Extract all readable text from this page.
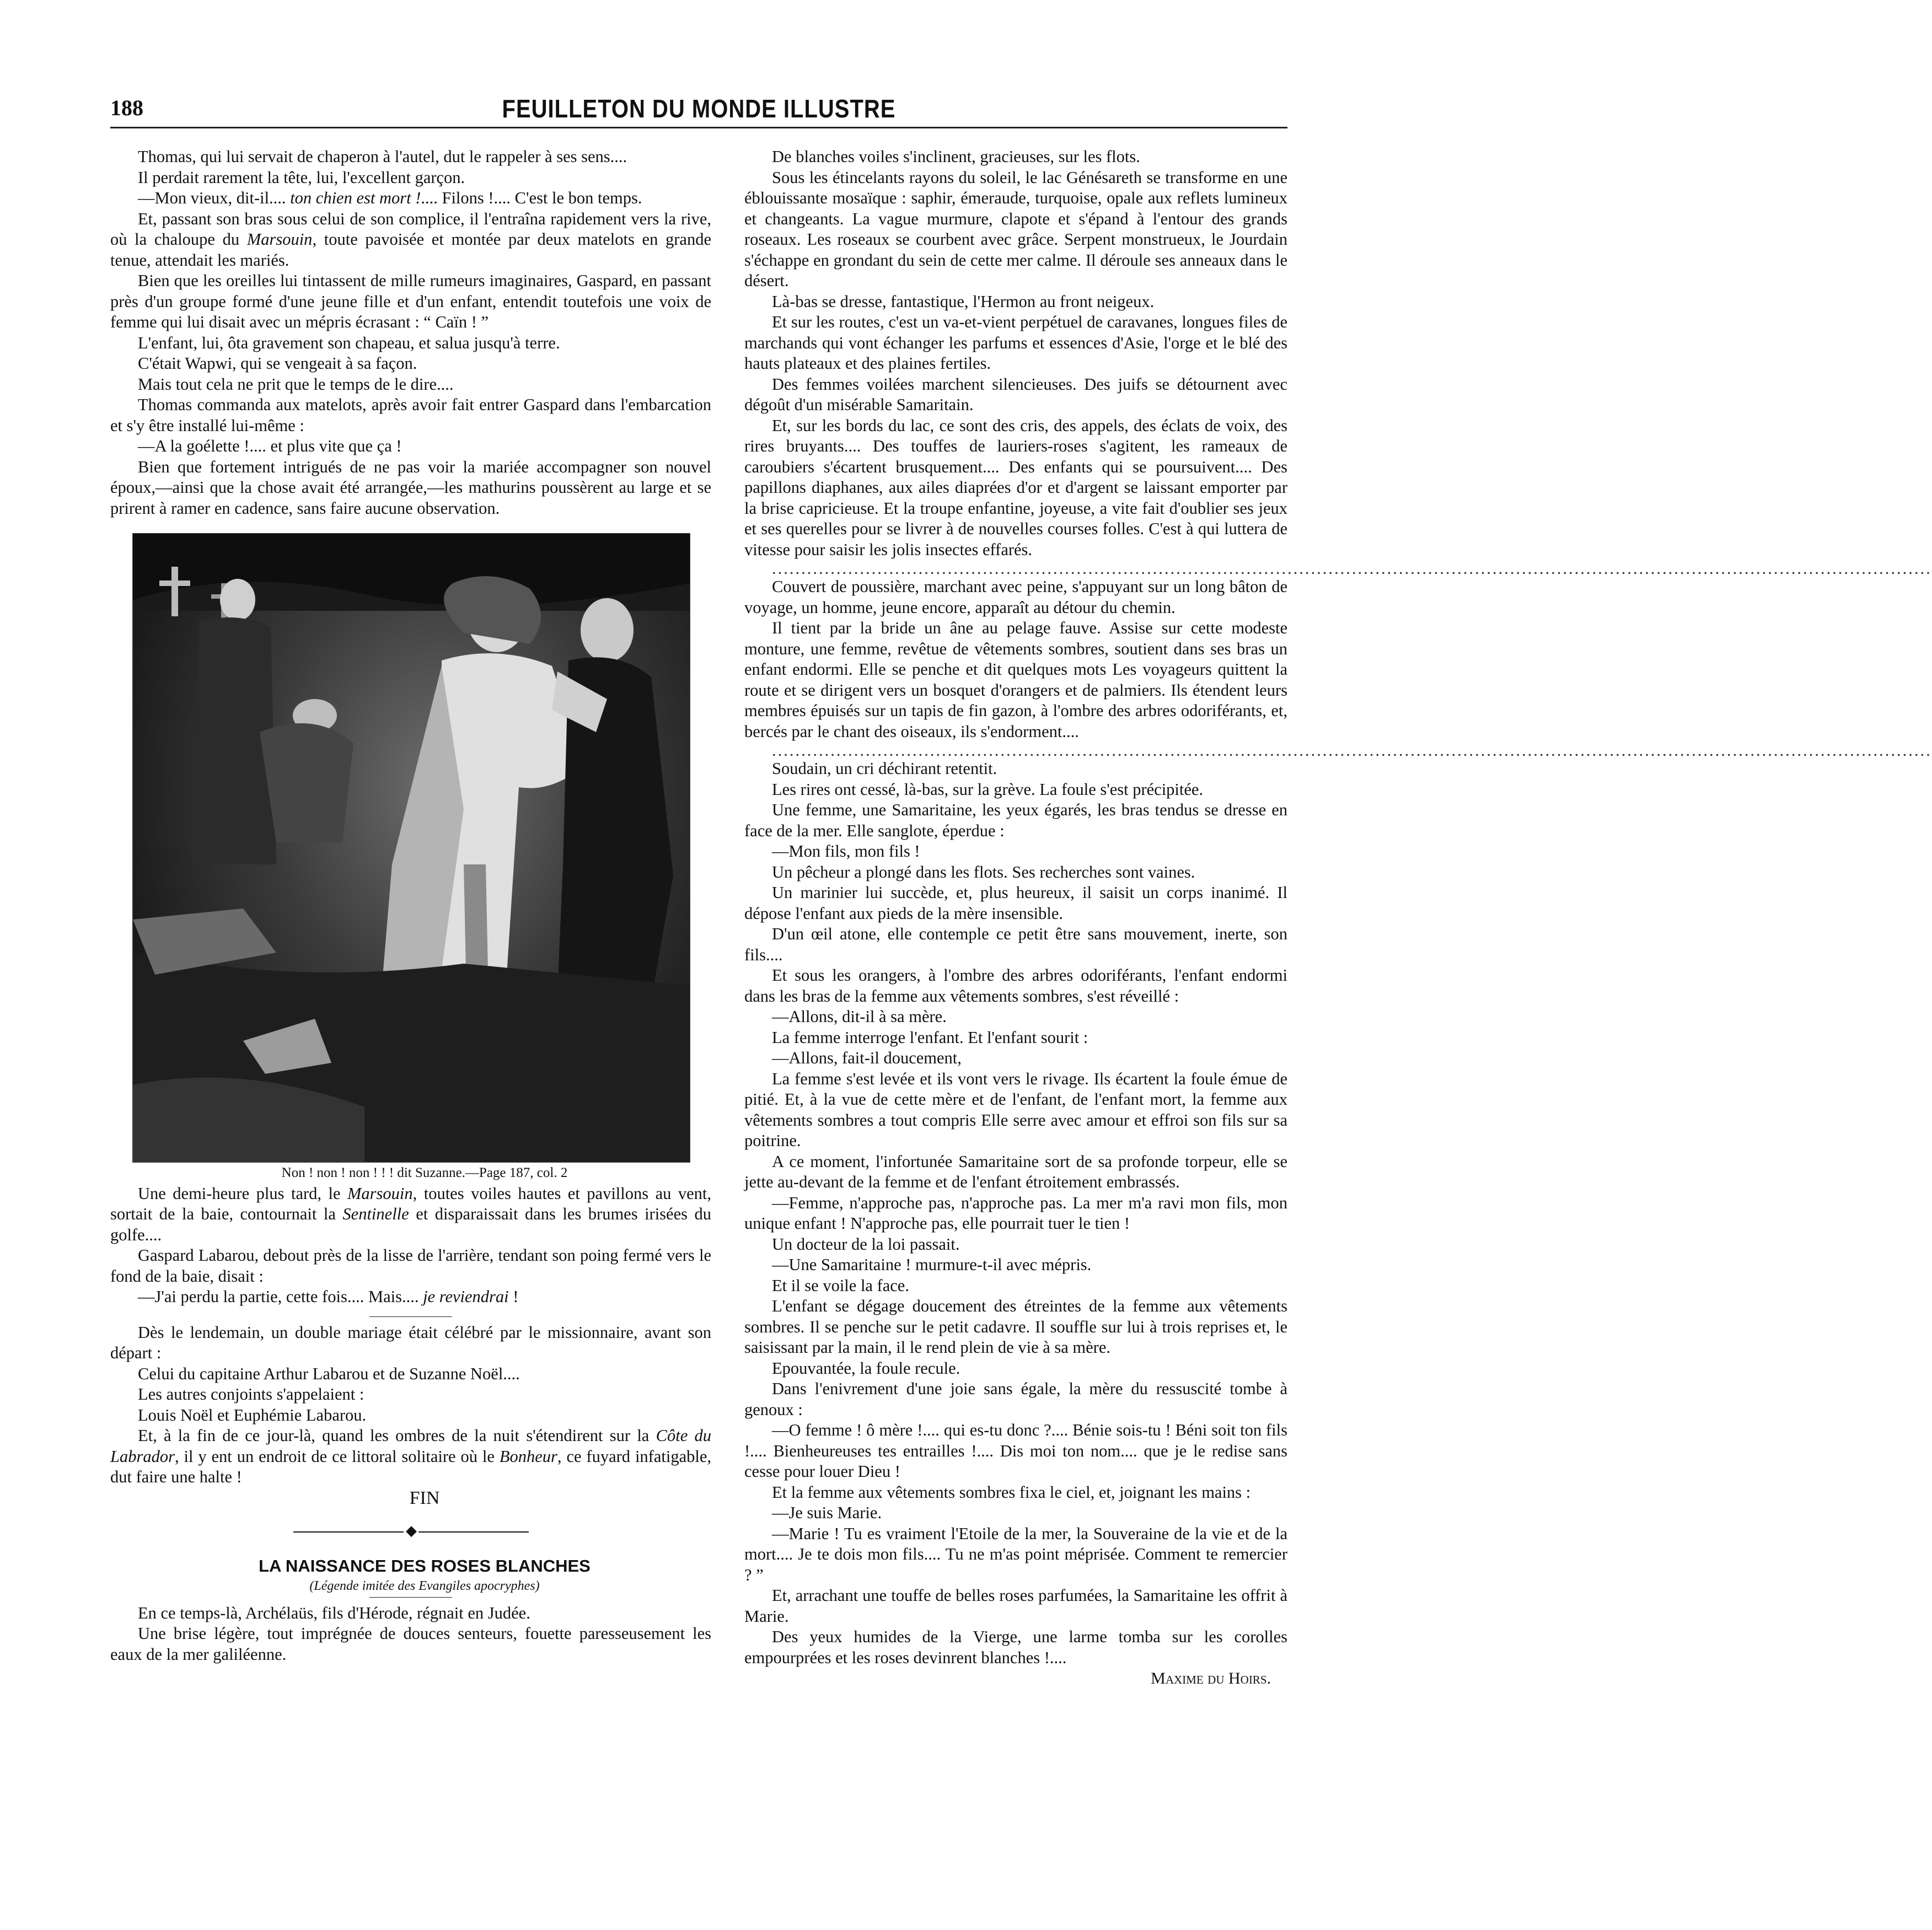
188	FEUILLETON DU MONDE ILLUSTRE

Thomas, qui lui servait de chaperon à l'autel, dut le rappeler à ses sens....

Il perdait rarement la tête, lui, l'excellent garçon.

—Mon vieux, dit-il.... ton chien est mort !.... Filons !.... C'est le bon temps.

Et, passant son bras sous celui de son complice, il l'entraîna rapidement vers la rive, où la chaloupe du Marsouin, toute pavoisée et montée par deux matelots en grande tenue, attendait les mariés.

Bien que les oreilles lui tintassent de mille rumeurs imaginaires, Gaspard, en passant près d'un groupe formé d'une jeune fille et d'un enfant, entendit toutefois une voix de femme qui lui disait avec un mépris écrasant : “ Caïn ! ”

L'enfant, lui, ôta gravement son chapeau, et salua jusqu'à terre.

C'était Wapwi, qui se vengeait à sa façon.

Mais tout cela ne prit que le temps de le dire....

Thomas commanda aux matelots, après avoir fait entrer Gaspard dans l'embarcation et s'y être installé lui-même :

—A la goélette !.... et plus vite que ça !

Bien que fortement intrigués de ne pas voir la mariée accompagner son nouvel époux,—ainsi que la chose avait été arrangée,—les mathurins poussèrent au large et se prirent à ramer en cadence, sans faire aucune observation.

Non ! non ! non ! ! ! dit Suzanne.—Page 187, col. 2

Une demi-heure plus tard, le Marsouin, toutes voiles hautes et pavillons au vent, sortait de la baie, contournait la Sentinelle et disparaissait dans les brumes irisées du golfe....

Gaspard Labarou, debout près de la lisse de l'arrière, tendant son poing fermé vers le fond de la baie, disait :

—J'ai perdu la partie, cette fois.... Mais.... je reviendrai !

Dès le lendemain, un double mariage était célébré par le missionnaire, avant son départ :

Celui du capitaine Arthur Labarou et de Suzanne Noël....

Les autres conjoints s'appelaient :

Louis Noël et Euphémie Labarou.

Et, à la fin de ce jour-là, quand les ombres de la nuit s'étendirent sur la Côte du Labrador, il y ent un endroit de ce littoral solitaire où le Bonheur, ce fuyard infatigable, dut faire une halte !

FIN

◆

LA NAISSANCE DES ROSES BLANCHES

(Légende imitée des Evangiles apocryphes)

En ce temps-là, Archélaüs, fils d'Hérode, régnait en Judée.

Une brise légère, tout imprégnée de douces senteurs, fouette paresseusement les eaux de la mer galiléenne.

De blanches voiles s'inclinent, gracieuses, sur les flots.

Sous les étincelants rayons du soleil, le lac Génésareth se transforme en une éblouissante mosaïque : saphir, émeraude, turquoise, opale aux reflets lumineux et changeants. La vague murmure, clapote et s'épand à l'entour des grands roseaux. Les roseaux se courbent avec grâce. Serpent monstrueux, le Jourdain s'échappe en grondant du sein de cette mer calme. Il déroule ses anneaux dans le désert.

Là-bas se dresse, fantastique, l'Hermon au front neigeux.

Et sur les routes, c'est un va-et-vient perpétuel de caravanes, longues files de marchands qui vont échanger les parfums et essences d'Asie, l'orge et le blé des hauts plateaux et des plaines fertiles.

Des femmes voilées marchent silencieuses. Des juifs se détournent avec dégoût d'un misérable Samaritain.

Et, sur les bords du lac, ce sont des cris, des appels, des éclats de voix, des rires bruyants.... Des touffes de lauriers-roses s'agitent, les rameaux de caroubiers s'écartent brusquement.... Des enfants qui se poursuivent.... Des papillons diaphanes, aux ailes diaprées d'or et d'argent se laissant emporter par la brise capricieuse. Et la troupe enfantine, joyeuse, a vite fait d'oublier ses jeux et ses querelles pour se livrer à de nouvelles courses folles. C'est à qui luttera de vitesse pour saisir les jolis insectes effarés.

......................................................................................................................................................................................................

Couvert de poussière, marchant avec peine, s'appuyant sur un long bâton de voyage, un homme, jeune encore, apparaît au détour du chemin.

Il tient par la bride un âne au pelage fauve. Assise sur cette modeste monture, une femme, revêtue de vêtements sombres, soutient dans ses bras un enfant endormi. Elle se penche et dit quelques mots Les voyageurs quittent la route et se dirigent vers un bosquet d'orangers et de palmiers. Ils étendent leurs membres épuisés sur un tapis de fin gazon, à l'ombre des arbres odoriférants, et, bercés par le chant des oiseaux, ils s'endorment....

......................................................................................................................................................................................................

Soudain, un cri déchirant retentit.

Les rires ont cessé, là-bas, sur la grève. La foule s'est précipitée.

Une femme, une Samaritaine, les yeux égarés, les bras tendus se dresse en face de la mer. Elle sanglote, éperdue :

—Mon fils, mon fils !

Un pêcheur a plongé dans les flots. Ses recherches sont vaines.

Un marinier lui succède, et, plus heureux, il saisit un corps inanimé. Il dépose l'enfant aux pieds de la mère insensible.

D'un œil atone, elle contemple ce petit être sans mouvement, inerte, son fils....

Et sous les orangers, à l'ombre des arbres odoriférants, l'enfant endormi dans les bras de la femme aux vêtements sombres, s'est réveillé :

—Allons, dit-il à sa mère.

La femme interroge l'enfant. Et l'enfant sourit :

—Allons, fait-il doucement,

La femme s'est levée et ils vont vers le rivage. Ils écartent la foule émue de pitié. Et, à la vue de cette mère et de l'enfant, de l'enfant mort, la femme aux vêtements sombres a tout compris Elle serre avec amour et effroi son fils sur sa poitrine.

A ce moment, l'infortunée Samaritaine sort de sa profonde torpeur, elle se jette au-devant de la femme et de l'enfant étroitement embrassés.

—Femme, n'approche pas, n'approche pas. La mer m'a ravi mon fils, mon unique enfant ! N'approche pas, elle pourrait tuer le tien !

Un docteur de la loi passait.

—Une Samaritaine ! murmure-t-il avec mépris.

Et il se voile la face.

L'enfant se dégage doucement des étreintes de la femme aux vêtements sombres. Il se penche sur le petit cadavre. Il souffle sur lui à trois reprises et, le saisissant par la main, il le rend plein de vie à sa mère.

Epouvantée, la foule recule.

Dans l'enivrement d'une joie sans égale, la mère du ressuscité tombe à genoux :

—O femme ! ô mère !.... qui es-tu donc ?.... Bénie sois-tu ! Béni soit ton fils !.... Bienheureuses tes entrailles !.... Dis moi ton nom.... que je le redise sans cesse pour louer Dieu !

Et la femme aux vêtements sombres fixa le ciel, et, joignant les mains :

—Je suis Marie.

—Marie ! Tu es vraiment l'Etoile de la mer, la Souveraine de la vie et de la mort.... Je te dois mon fils.... Tu ne m'as point méprisée. Comment te remercier ? ”

Et, arrachant une touffe de belles roses parfumées, la Samaritaine les offrit à Marie.

Des yeux humides de la Vierge, une larme tomba sur les corolles empourprées et les roses devinrent blanches !....

Maxime du Hoirs.
